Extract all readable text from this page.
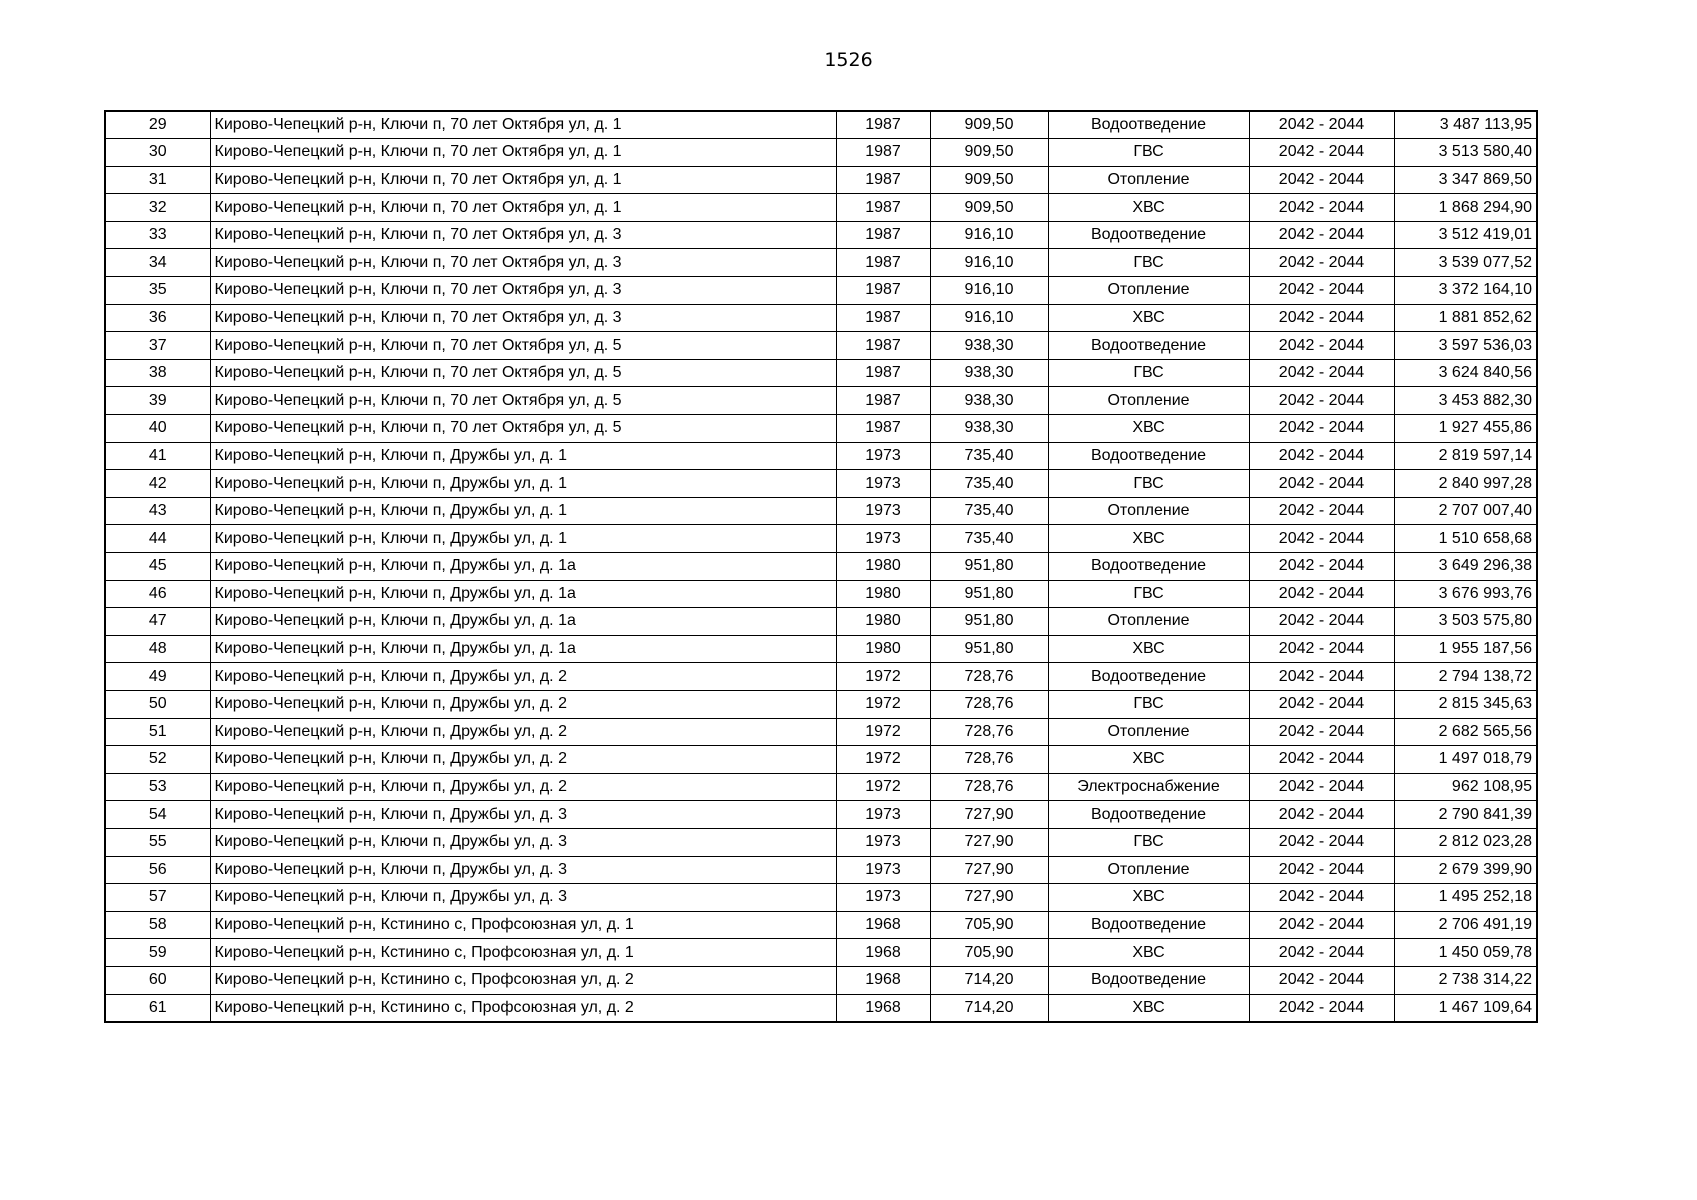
1526
29	Кирово-Чепецкий р-н, Ключи п, 70 лет Октября ул, д. 1	1987	909,50	Водоотведение	2042 - 2044	3 487 113,95
30	Кирово-Чепецкий р-н, Ключи п, 70 лет Октября ул, д. 1	1987	909,50	ГВС	2042 - 2044	3 513 580,40
31	Кирово-Чепецкий р-н, Ключи п, 70 лет Октября ул, д. 1	1987	909,50	Отопление	2042 - 2044	3 347 869,50
32	Кирово-Чепецкий р-н, Ключи п, 70 лет Октября ул, д. 1	1987	909,50	ХВС	2042 - 2044	1 868 294,90
33	Кирово-Чепецкий р-н, Ключи п, 70 лет Октября ул, д. 3	1987	916,10	Водоотведение	2042 - 2044	3 512 419,01
34	Кирово-Чепецкий р-н, Ключи п, 70 лет Октября ул, д. 3	1987	916,10	ГВС	2042 - 2044	3 539 077,52
35	Кирово-Чепецкий р-н, Ключи п, 70 лет Октября ул, д. 3	1987	916,10	Отопление	2042 - 2044	3 372 164,10
36	Кирово-Чепецкий р-н, Ключи п, 70 лет Октября ул, д. 3	1987	916,10	ХВС	2042 - 2044	1 881 852,62
37	Кирово-Чепецкий р-н, Ключи п, 70 лет Октября ул, д. 5	1987	938,30	Водоотведение	2042 - 2044	3 597 536,03
38	Кирово-Чепецкий р-н, Ключи п, 70 лет Октября ул, д. 5	1987	938,30	ГВС	2042 - 2044	3 624 840,56
39	Кирово-Чепецкий р-н, Ключи п, 70 лет Октября ул, д. 5	1987	938,30	Отопление	2042 - 2044	3 453 882,30
40	Кирово-Чепецкий р-н, Ключи п, 70 лет Октября ул, д. 5	1987	938,30	ХВС	2042 - 2044	1 927 455,86
41	Кирово-Чепецкий р-н, Ключи п, Дружбы ул, д. 1	1973	735,40	Водоотведение	2042 - 2044	2 819 597,14
42	Кирово-Чепецкий р-н, Ключи п, Дружбы ул, д. 1	1973	735,40	ГВС	2042 - 2044	2 840 997,28
43	Кирово-Чепецкий р-н, Ключи п, Дружбы ул, д. 1	1973	735,40	Отопление	2042 - 2044	2 707 007,40
44	Кирово-Чепецкий р-н, Ключи п, Дружбы ул, д. 1	1973	735,40	ХВС	2042 - 2044	1 510 658,68
45	Кирово-Чепецкий р-н, Ключи п, Дружбы ул, д. 1а	1980	951,80	Водоотведение	2042 - 2044	3 649 296,38
46	Кирово-Чепецкий р-н, Ключи п, Дружбы ул, д. 1а	1980	951,80	ГВС	2042 - 2044	3 676 993,76
47	Кирово-Чепецкий р-н, Ключи п, Дружбы ул, д. 1а	1980	951,80	Отопление	2042 - 2044	3 503 575,80
48	Кирово-Чепецкий р-н, Ключи п, Дружбы ул, д. 1а	1980	951,80	ХВС	2042 - 2044	1 955 187,56
49	Кирово-Чепецкий р-н, Ключи п, Дружбы ул, д. 2	1972	728,76	Водоотведение	2042 - 2044	2 794 138,72
50	Кирово-Чепецкий р-н, Ключи п, Дружбы ул, д. 2	1972	728,76	ГВС	2042 - 2044	2 815 345,63
51	Кирово-Чепецкий р-н, Ключи п, Дружбы ул, д. 2	1972	728,76	Отопление	2042 - 2044	2 682 565,56
52	Кирово-Чепецкий р-н, Ключи п, Дружбы ул, д. 2	1972	728,76	ХВС	2042 - 2044	1 497 018,79
53	Кирово-Чепецкий р-н, Ключи п, Дружбы ул, д. 2	1972	728,76	Электроснабжение	2042 - 2044	962 108,95
54	Кирово-Чепецкий р-н, Ключи п, Дружбы ул, д. 3	1973	727,90	Водоотведение	2042 - 2044	2 790 841,39
55	Кирово-Чепецкий р-н, Ключи п, Дружбы ул, д. 3	1973	727,90	ГВС	2042 - 2044	2 812 023,28
56	Кирово-Чепецкий р-н, Ключи п, Дружбы ул, д. 3	1973	727,90	Отопление	2042 - 2044	2 679 399,90
57	Кирово-Чепецкий р-н, Ключи п, Дружбы ул, д. 3	1973	727,90	ХВС	2042 - 2044	1 495 252,18
58	Кирово-Чепецкий р-н, Кстинино с, Профсоюзная ул, д. 1	1968	705,90	Водоотведение	2042 - 2044	2 706 491,19
59	Кирово-Чепецкий р-н, Кстинино с, Профсоюзная ул, д. 1	1968	705,90	ХВС	2042 - 2044	1 450 059,78
60	Кирово-Чепецкий р-н, Кстинино с, Профсоюзная ул, д. 2	1968	714,20	Водоотведение	2042 - 2044	2 738 314,22
61	Кирово-Чепецкий р-н, Кстинино с, Профсоюзная ул, д. 2	1968	714,20	ХВС	2042 - 2044	1 467 109,64
